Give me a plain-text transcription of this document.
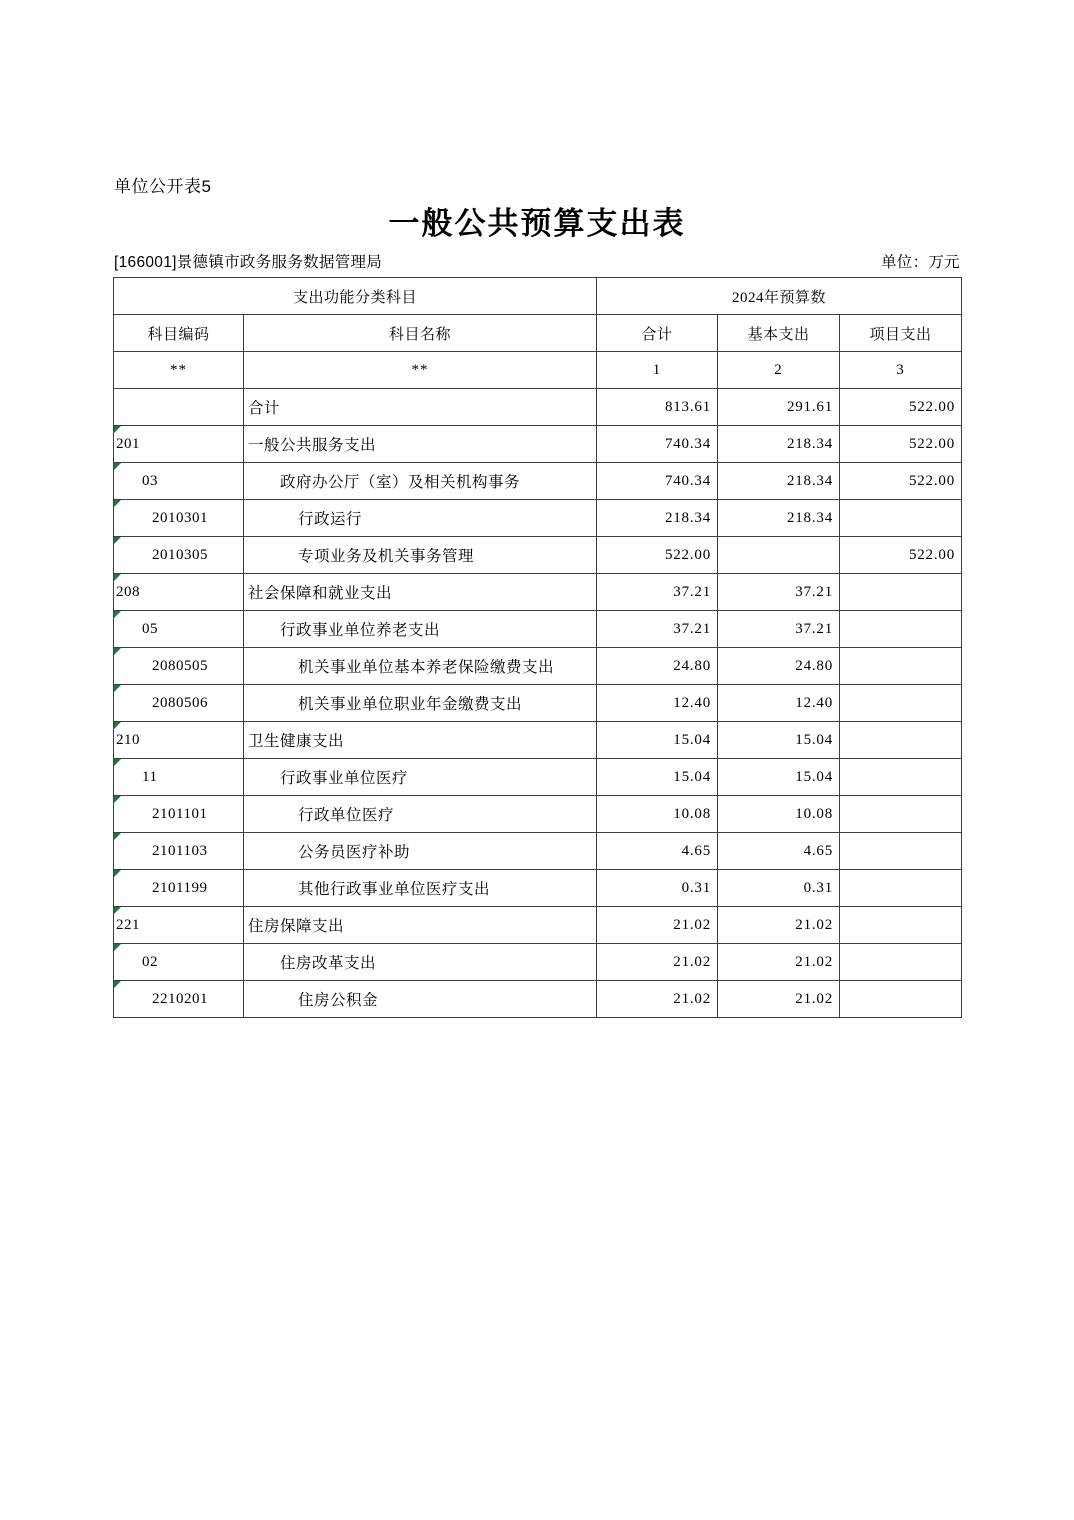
单位公开表5
一般公共预算支出表
[166001]景德镇市政务服务数据管理局	单位：万元
支出功能分类科目		2024年预算数		
科目编码	科目名称	合计	基本支出	项目支出
**	**	1	2	3

	合计	813.61	291.61	522.00

201	一般公共服务支出	740.34	218.34	522.00

03	政府办公厅（室）及相关机构事务	740.34	218.34	522.00

2010301	行政运行	218.34	218.34	

2010305	专项业务及机关事务管理	522.00		522.00

208	社会保障和就业支出	37.21	37.21	

05	行政事业单位养老支出	37.21	37.21	

2080505	机关事业单位基本养老保险缴费支出	24.80	24.80	

2080506	机关事业单位职业年金缴费支出	12.40	12.40	

210	卫生健康支出	15.04	15.04	

11	行政事业单位医疗	15.04	15.04	

2101101	行政单位医疗	10.08	10.08	

2101103	公务员医疗补助	4.65	4.65	

2101199	其他行政事业单位医疗支出	0.31	0.31	

221	住房保障支出	21.02	21.02	

02	住房改革支出	21.02	21.02	

2210201	住房公积金	21.02	21.02	
